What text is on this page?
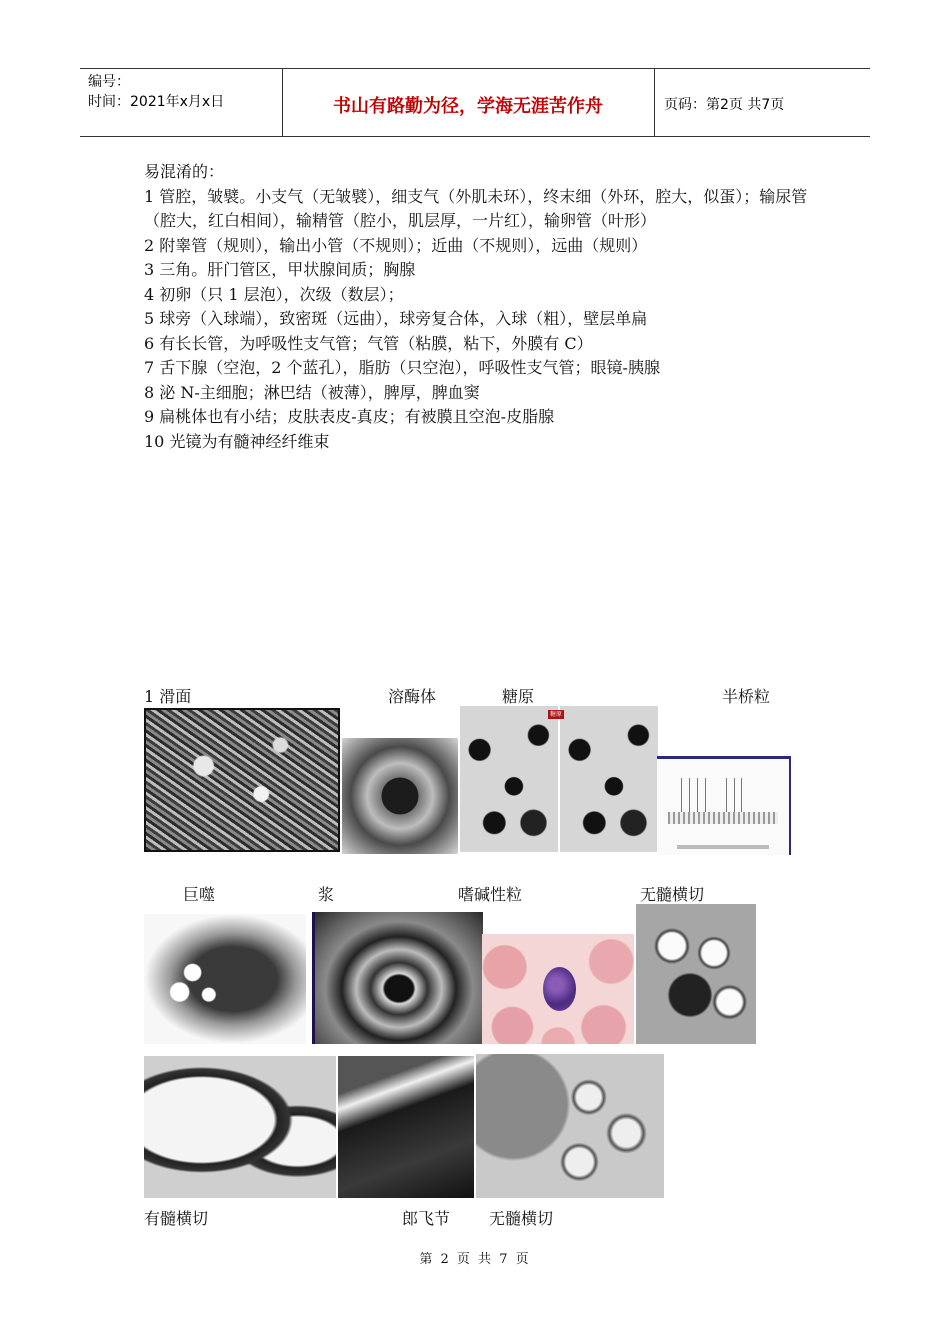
编号：
时间：2021年x月x日	书山有路勤为径，学海无涯苦作舟	页码：第2页 共7页

易混淆的：

1 管腔，皱襞。小支气（无皱襞），细支气（外肌未环），终末细（外环，腔大，似蛋）；输尿管（腔大，红白相间），输精管（腔小，肌层厚，一片红），输卵管（叶形）

2 附睾管（规则），输出小管（不规则）；近曲（不规则），远曲（规则）

3 三角。肝门管区，甲状腺间质；胸腺

4 初卵（只 1 层泡），次级（数层）；

5 球旁（入球端），致密斑（远曲），球旁复合体，入球（粗），壁层单扁

6 有长长管，为呼吸性支气管；气管（粘膜，粘下，外膜有 C）

7 舌下腺（空泡，2 个蓝孔），脂肪（只空泡），呼吸性支气管；眼镜-胰腺

8 泌 N-主细胞；淋巴结（被薄），脾厚，脾血窦

9 扁桃体也有小结；皮肤表皮-真皮；有被膜且空泡-皮脂腺

10 光镜为有髓神经纤维束

1 滑面	溶酶体	糖原	半桥粒
糖原
巨噬	浆	嗜碱性粒	无髓横切
有髓横切	郎飞节 无髓横切
第 2 页 共 7 页
